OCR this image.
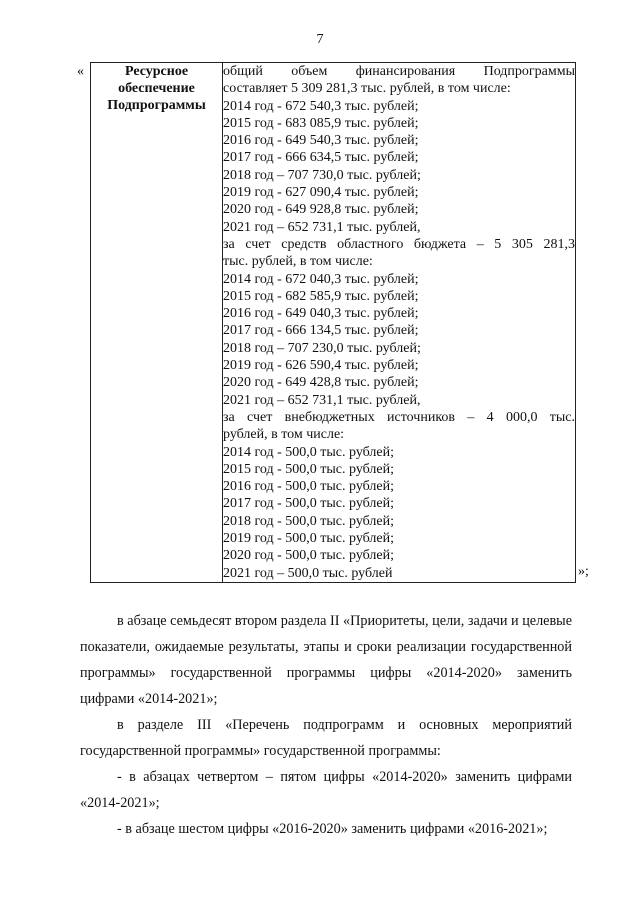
7
«	Ресурсное
обеспечение
Подпрограммы

общий объем финансирования Подпрограммы
составляет 5 309 281,3 тыс. рублей, в том числе:
2014 год - 672 540,3 тыс. рублей;
2015 год - 683 085,9 тыс. рублей;
2016 год - 649 540,3 тыс. рублей;
2017 год - 666 634,5 тыс. рублей;
2018 год – 707 730,0 тыс. рублей;
2019 год - 627 090,4 тыс. рублей;
2020 год - 649 928,8 тыс. рублей;
2021 год – 652 731,1 тыс. рублей,
за счет средств областного бюджета – 5 305 281,3
тыс. рублей, в том числе:
2014 год - 672 040,3 тыс. рублей;
2015 год - 682 585,9 тыс. рублей;
2016 год - 649 040,3 тыс. рублей;
2017 год - 666 134,5 тыс. рублей;
2018 год – 707 230,0 тыс. рублей;
2019 год - 626 590,4 тыс. рублей;
2020 год - 649 428,8 тыс. рублей;
2021 год – 652 731,1 тыс. рублей,
за счет внебюджетных источников – 4 000,0 тыс.
рублей, в том числе:
2014 год - 500,0 тыс. рублей;
2015 год - 500,0 тыс. рублей;
2016 год - 500,0 тыс. рублей;
2017 год - 500,0 тыс. рублей;
2018 год - 500,0 тыс. рублей;
2019 год - 500,0 тыс. рублей;
2020 год - 500,0 тыс. рублей;
2021 год – 500,0 тыс. рублей	»;

в абзаце семьдесят втором раздела II «Приоритеты, цели, задачи и целевые показатели, ожидаемые результаты, этапы и сроки реализации государственной программы» государственной программы цифры «2014-2020» заменить цифрами «2014-2021»;

в разделе III «Перечень подпрограмм и основных мероприятий государственной программы» государственной программы:

- в абзацах четвертом – пятом цифры «2014-2020» заменить цифрами «2014-2021»;

- в абзаце шестом цифры «2016-2020» заменить цифрами «2016-2021»;
